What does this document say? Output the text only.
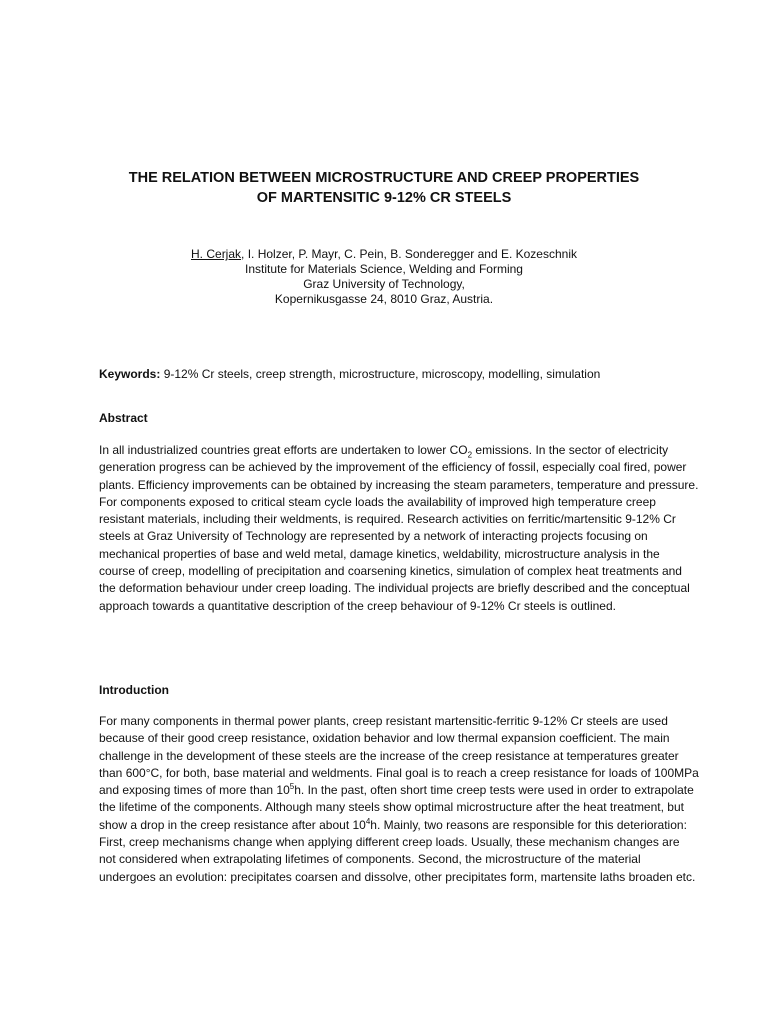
THE RELATION BETWEEN MICROSTRUCTURE AND CREEP PROPERTIES
OF MARTENSITIC 9-12% CR STEELS
H. Cerjak, I. Holzer, P. Mayr, C. Pein, B. Sonderegger and E. Kozeschnik
Institute for Materials Science, Welding and Forming
Graz University of Technology,
Kopernikusgasse 24, 8010 Graz, Austria.
Keywords: 9-12% Cr steels, creep strength, microstructure, microscopy, modelling, simulation
Abstract
In all industrialized countries great efforts are undertaken to lower $CO_2$ emissions. In the sector of electricity generation progress can be achieved by the improvement of the efficiency of fossil, especially coal fired, power plants. Efficiency improvements can be obtained by increasing the steam parameters, temperature and pressure. For components exposed to critical steam cycle loads the availability of improved high temperature creep resistant materials, including their weldments, is required. Research activities on ferritic/martensitic 9-12% Cr steels at Graz University of Technology are represented by a network of interacting projects focusing on mechanical properties of base and weld metal, damage kinetics, weldability, microstructure analysis in the course of creep, modelling of precipitation and coarsening kinetics, simulation of complex heat treatments and the deformation behaviour under creep loading. The individual projects are briefly described and the conceptual approach towards a quantitative description of the creep behaviour of 9-12% Cr steels is outlined.
Introduction
For many components in thermal power plants, creep resistant martensitic-ferritic 9-12% Cr steels are used because of their good creep resistance, oxidation behavior and low thermal expansion coefficient. The main challenge in the development of these steels are the increase of the creep resistance at temperatures greater than 600°C, for both, base material and weldments. Final goal is to reach a creep resistance for loads of 100MPa and exposing times of more than $10^5h$. In the past, often short time creep tests were used in order to extrapolate the lifetime of the components. Although many steels show optimal microstructure after the heat treatment, but show a drop in the creep resistance after about $10^4h$. Mainly, two reasons are responsible for this deterioration: First, creep mechanisms change when applying different creep loads. Usually, these mechanism changes are not considered when extrapolating lifetimes of components. Second, the microstructure of the material undergoes an evolution: precipitates coarsen and dissolve, other precipitates form, martensite laths broaden etc.
